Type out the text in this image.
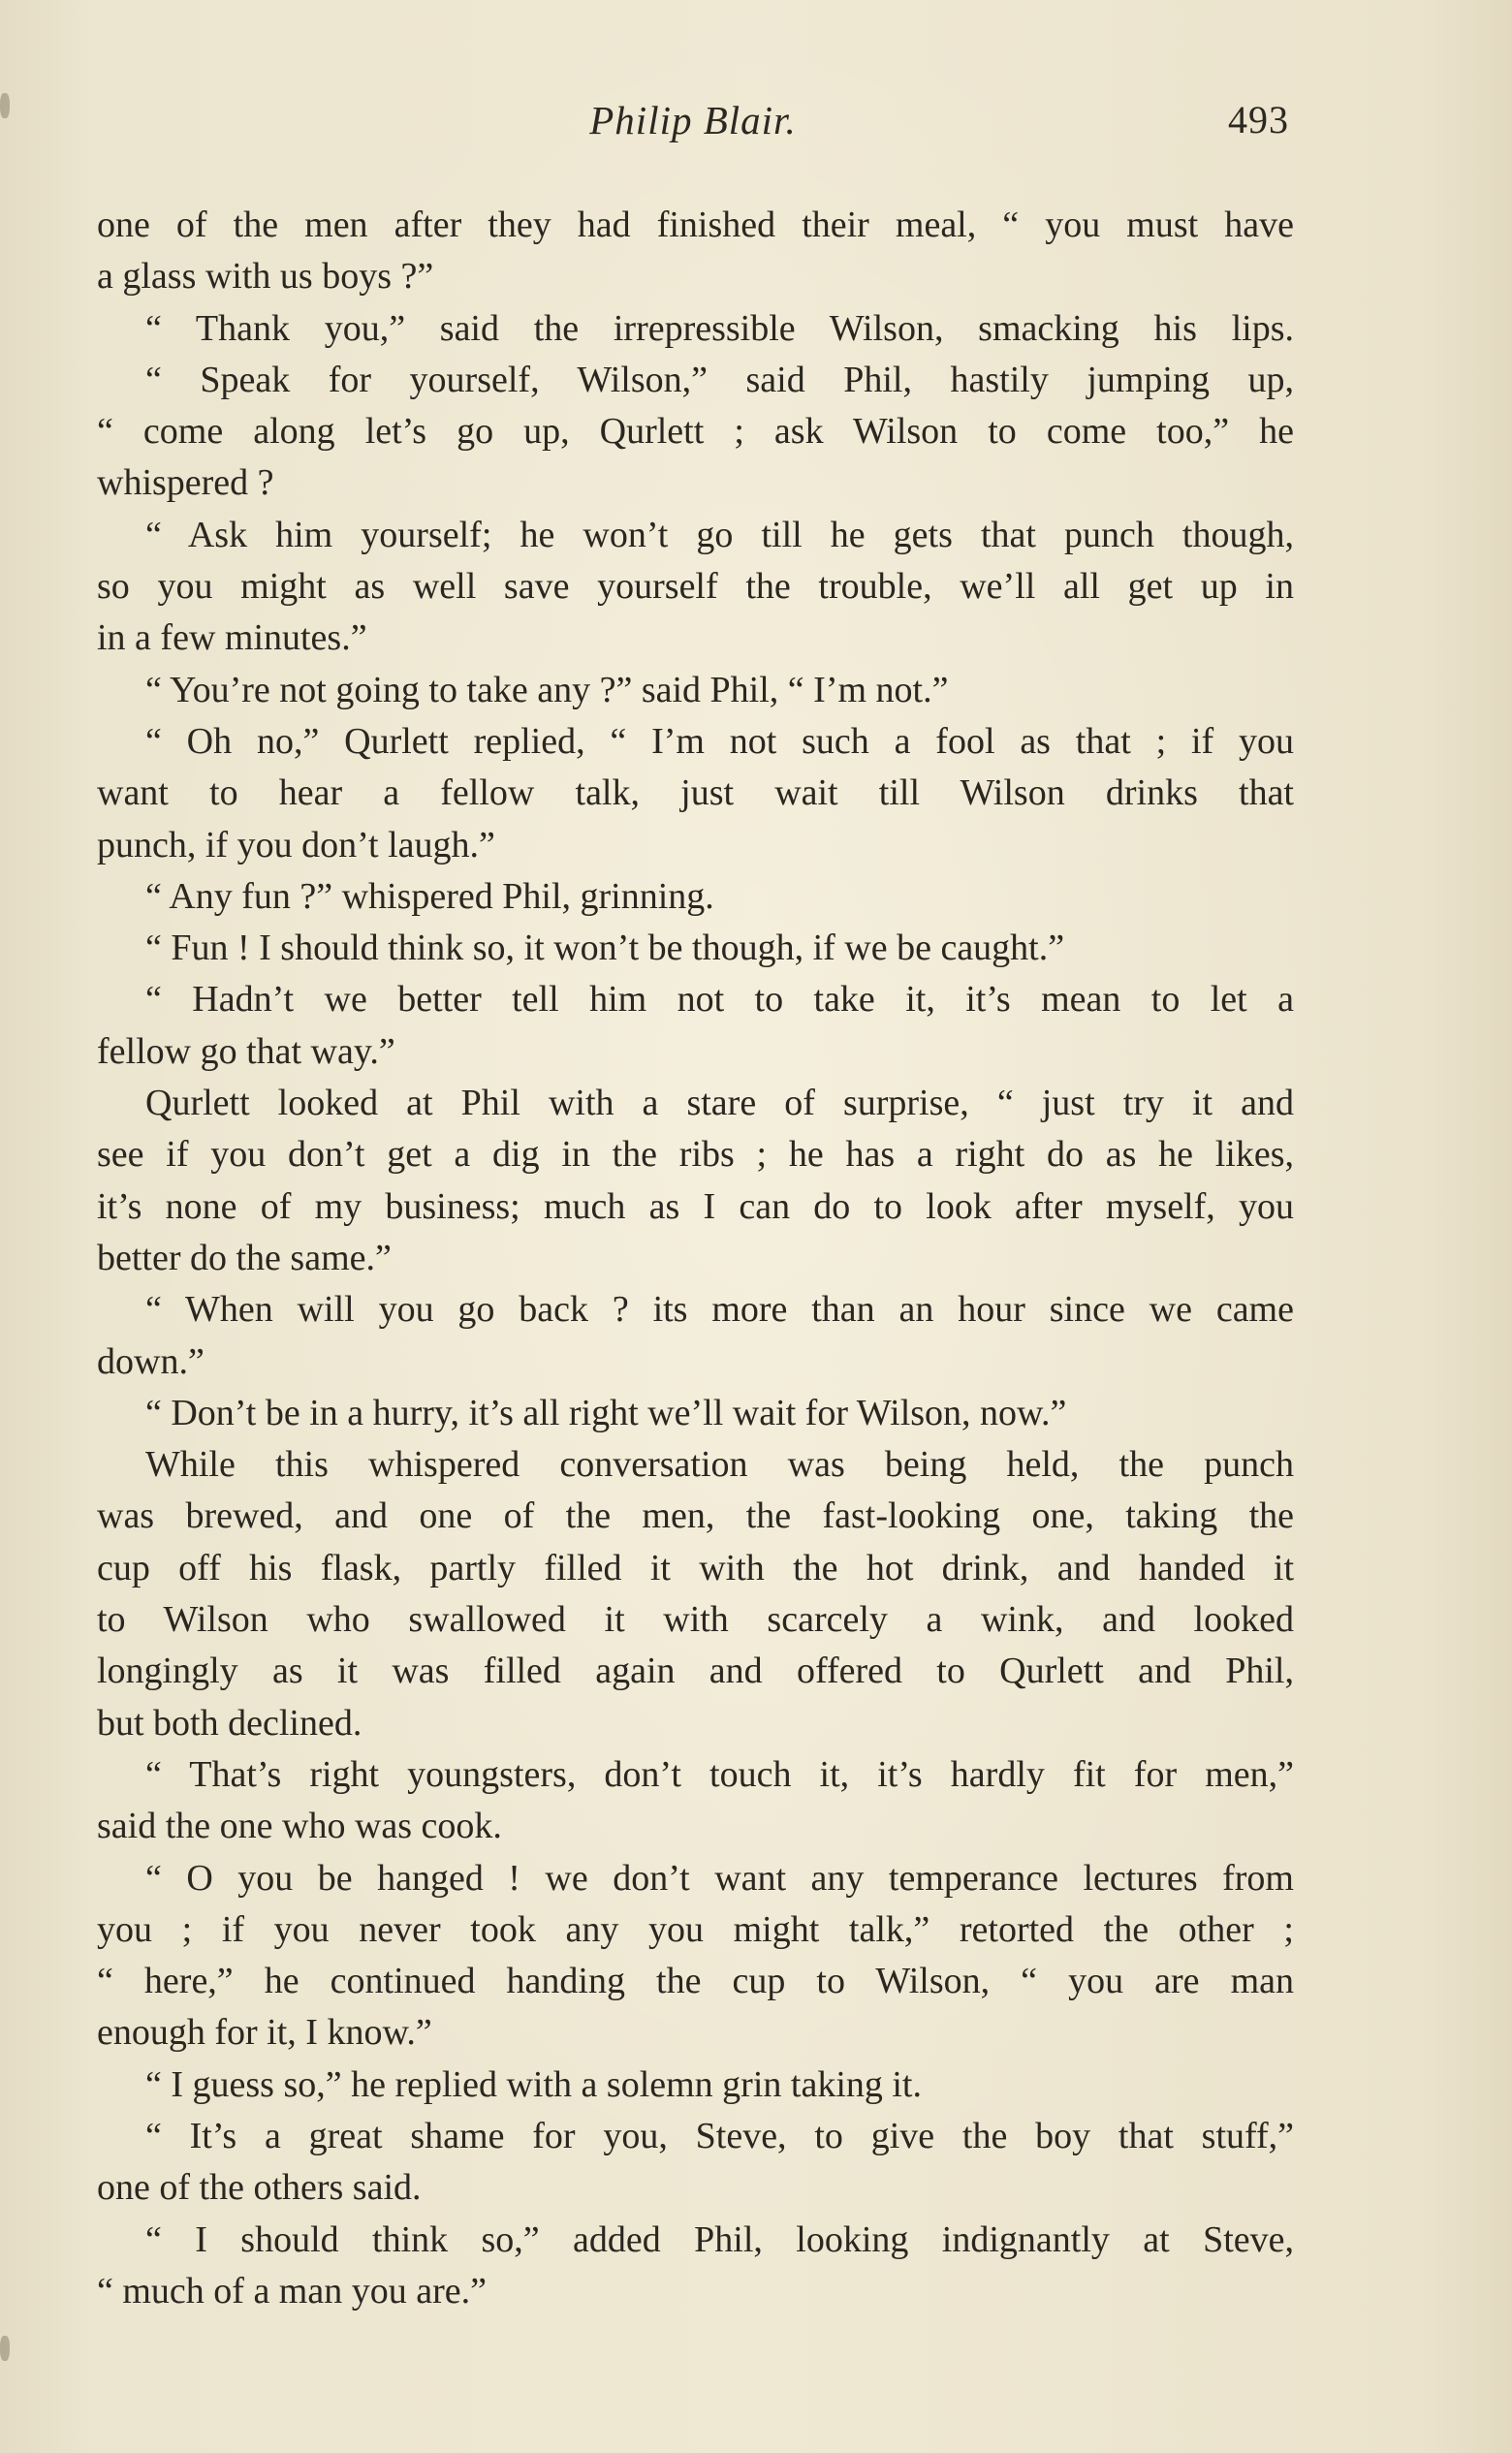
Philip Blair.	493
one of the men after they had finished their meal, “ you must have
a glass with us boys ?”
“ Thank you,” said the irrepressible Wilson, smacking his lips.
“ Speak for yourself, Wilson,” said Phil, hastily jumping up,
“ come along let’s go up, Qurlett ; ask Wilson to come too,” he
whispered ?
“ Ask him yourself; he won’t go till he gets that punch though,
so you might as well save yourself the trouble, we’ll all get up in
in a few minutes.”
“ You’re not going to take any ?” said Phil, “ I’m not.”
“ Oh no,” Qurlett replied, “ I’m not such a fool as that ; if you
want to hear a fellow talk, just wait till Wilson drinks that
punch, if you don’t laugh.”
“ Any fun ?” whispered Phil, grinning.
“ Fun ! I should think so, it won’t be though, if we be caught.”
“ Hadn’t we better tell him not to take it, it’s mean to let a
fellow go that way.”
Qurlett looked at Phil with a stare of surprise, “ just try it and
see if you don’t get a dig in the ribs ; he has a right do as he likes,
it’s none of my business; much as I can do to look after myself, you
better do the same.”
“ When will you go back ? its more than an hour since we came
down.”
“ Don’t be in a hurry, it’s all right we’ll wait for Wilson, now.”
While this whispered conversation was being held, the punch
was brewed, and one of the men, the fast-looking one, taking the
cup off his flask, partly filled it with the hot drink, and handed it
to Wilson who swallowed it with scarcely a wink, and looked
longingly as it was filled again and offered to Qurlett and Phil,
but both declined.
“ That’s right youngsters, don’t touch it, it’s hardly fit for men,”
said the one who was cook.
“ O you be hanged ! we don’t want any temperance lectures from
you ; if you never took any you might talk,” retorted the other ;
“ here,” he continued handing the cup to Wilson, “ you are man
enough for it, I know.”
“ I guess so,” he replied with a solemn grin taking it.
“ It’s a great shame for you, Steve, to give the boy that stuff,”
one of the others said.
“ I should think so,” added Phil, looking indignantly at Steve,
“ much of a man you are.”
